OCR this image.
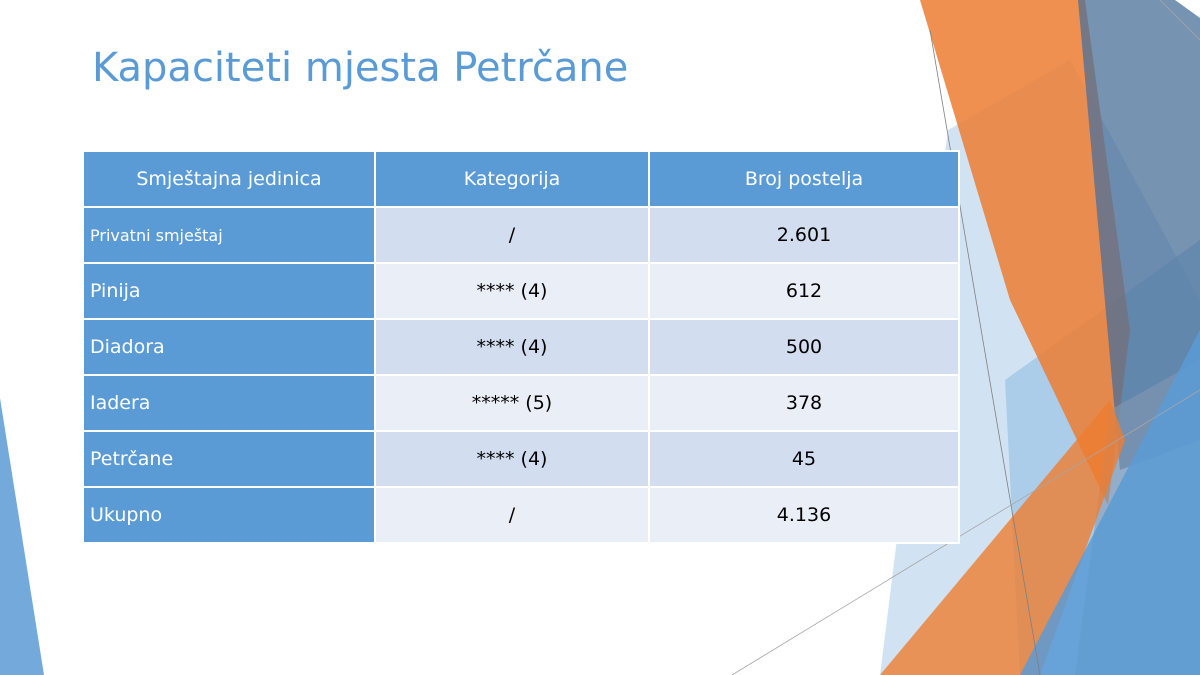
Kapaciteti mjesta Petrčane
Smještajna jedinica	Kategorija	Broj postelja
Privatni smještaj	/	2.601
Pinija	**** (4)	612
Diadora	**** (4)	500
Iadera	***** (5)	378
Petrčane	**** (4)	45
Ukupno	/	4.136
